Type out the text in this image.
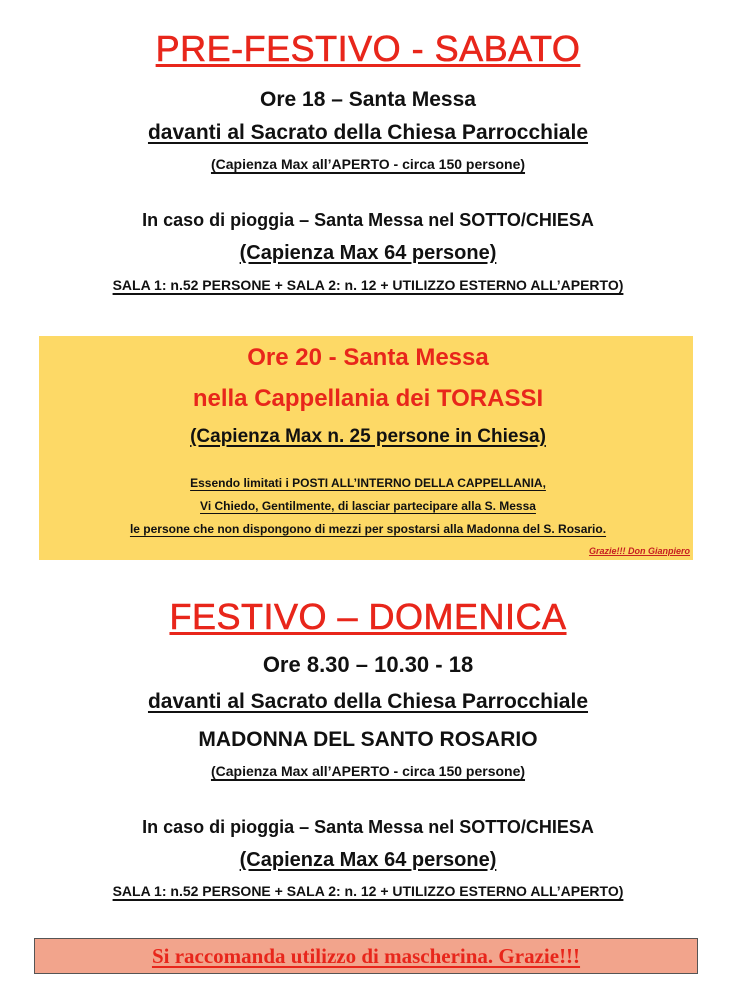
PRE-FESTIVO - SABATO
Ore 18 – Santa Messa
davanti al Sacrato della Chiesa Parrocchiale
(Capienza Max all’APERTO - circa 150 persone)
In caso di pioggia – Santa Messa nel SOTTO/CHIESA
(Capienza Max 64 persone)
SALA 1: n.52 PERSONE + SALA 2: n. 12 + UTILIZZO ESTERNO ALL’APERTO)
Ore 20 - Santa Messa
nella Cappellania dei TORASSI
(Capienza Max n. 25 persone in Chiesa)
Essendo limitati i POSTI ALL’INTERNO DELLA CAPPELLANIA,
Vi Chiedo, Gentilmente, di lasciar partecipare alla S. Messa
le persone che non dispongono di mezzi per spostarsi alla Madonna del S. Rosario.
Grazie!!! Don Gianpiero
FESTIVO – DOMENICA
Ore 8.30 – 10.30 - 18
davanti al Sacrato della Chiesa Parrocchiale
MADONNA DEL SANTO ROSARIO
(Capienza Max all’APERTO - circa 150 persone)
In caso di pioggia – Santa Messa nel SOTTO/CHIESA
(Capienza Max 64 persone)
SALA 1: n.52 PERSONE + SALA 2: n. 12 + UTILIZZO ESTERNO ALL’APERTO)
Si raccomanda utilizzo di mascherina. Grazie!!!
